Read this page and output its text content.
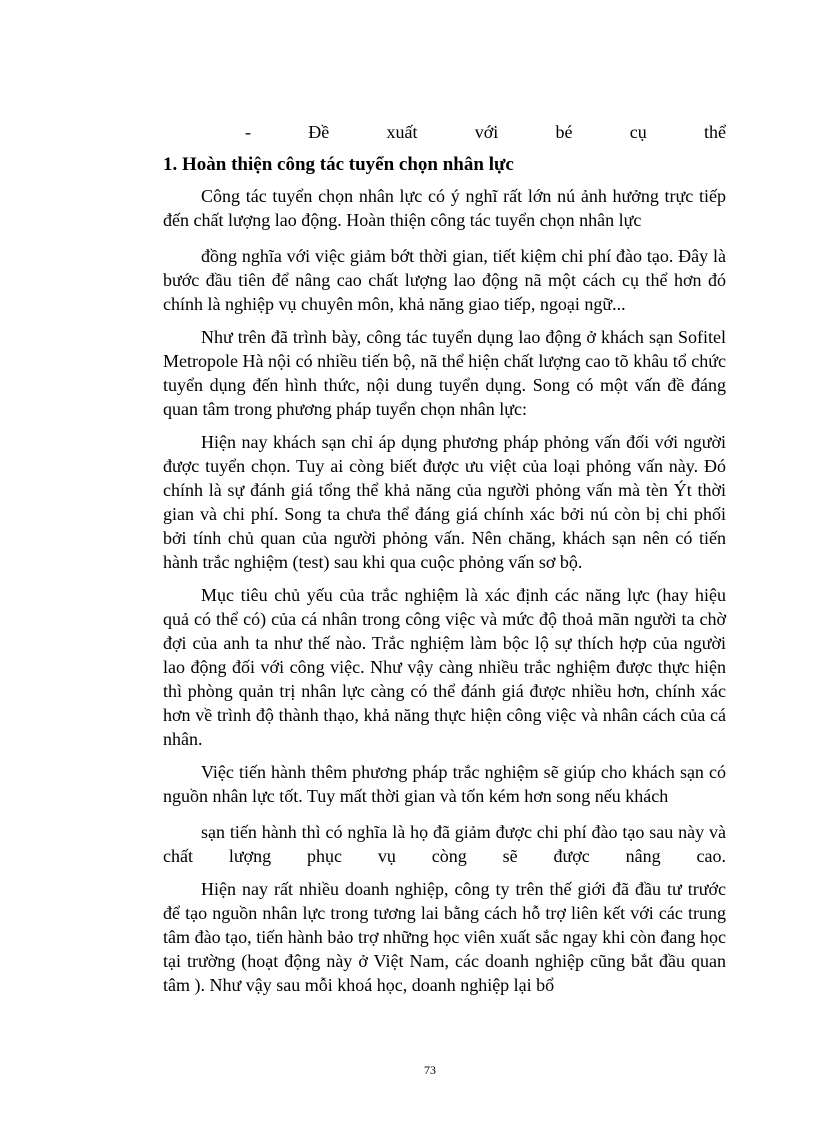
-	Đề	xuất	với	bé	cụ	thể
1. Hoàn thiện công tác tuyển chọn nhân lực

Công tác tuyển chọn nhân lực có ý nghĩ rất lớn nú ảnh hưởng trực tiếp đến chất lượng lao động. Hoàn thiện công tác tuyển chọn nhân lực

đồng nghĩa với việc giảm bớt thời gian, tiết kiệm chi phí đào tạo. Đây là bước đầu tiên để nâng cao chất lượng lao động nã một cách cụ thể hơn đó chính là nghiệp vụ chuyên môn, khả năng giao tiếp, ngoại ngữ...

Như trên đã trình bày, công tác tuyển dụng lao động ở khách sạn Sofitel Metropole Hà nội có nhiều tiến bộ, nã thể hiện chất lượng cao tõ khâu tổ chức tuyển dụng đến hình thức, nội dung tuyển dụng. Song có một vấn đề đáng quan tâm trong phương pháp tuyển chọn nhân lực:

Hiện nay khách sạn chỉ áp dụng phương pháp phỏng vấn đối với người được tuyển chọn. Tuy ai còng biết được ưu việt của loại phỏng vấn này. Đó chính là sự đánh giá tổng thể khả năng của người phỏng vấn mà tèn Ýt thời gian và chi phí. Song ta chưa thể đáng giá chính xác bởi nú còn bị chi phối bởi tính chủ quan của người phỏng vấn. Nên chăng, khách sạn nên có tiến hành trắc nghiệm (test) sau khi qua cuộc phỏng vấn sơ bộ.

Mục tiêu chủ yếu của trắc nghiệm là xác định các năng lực (hay hiệu quả có thể có) của cá nhân trong công việc và mức độ thoả mãn người ta chờ đợi của anh ta như thế nào. Trắc nghiệm làm bộc lộ sự thích hợp của người lao động đối với công việc. Như vậy càng nhiều trắc nghiệm được thực hiện thì phòng quản trị nhân lực càng có thể đánh giá được nhiều hơn, chính xác hơn về trình độ thành thạo, khả năng thực hiện công việc và nhân cách của cá nhân.

Việc tiến hành thêm phương pháp trắc nghiệm sẽ giúp cho khách sạn có nguồn nhân lực tốt. Tuy mất thời gian và tốn kém hơn song nếu khách

sạn tiến hành thì có nghĩa là họ đã giảm được chi phí đào tạo sau này và chất lượng phục vụ còng sẽ được nâng cao.

Hiện nay rất nhiều doanh nghiệp, công ty trên thế giới đã đầu tư trước để tạo nguồn nhân lực trong tương lai bằng cách hỗ trợ liên kết với các trung tâm đào tạo, tiến hành bảo trợ những học viên xuất sắc ngay khi còn đang học tại trường (hoạt động này ở Việt Nam, các doanh nghiệp cũng bắt đầu quan tâm ). Như vậy sau mỗi khoá học, doanh nghiệp lại bổ

73
